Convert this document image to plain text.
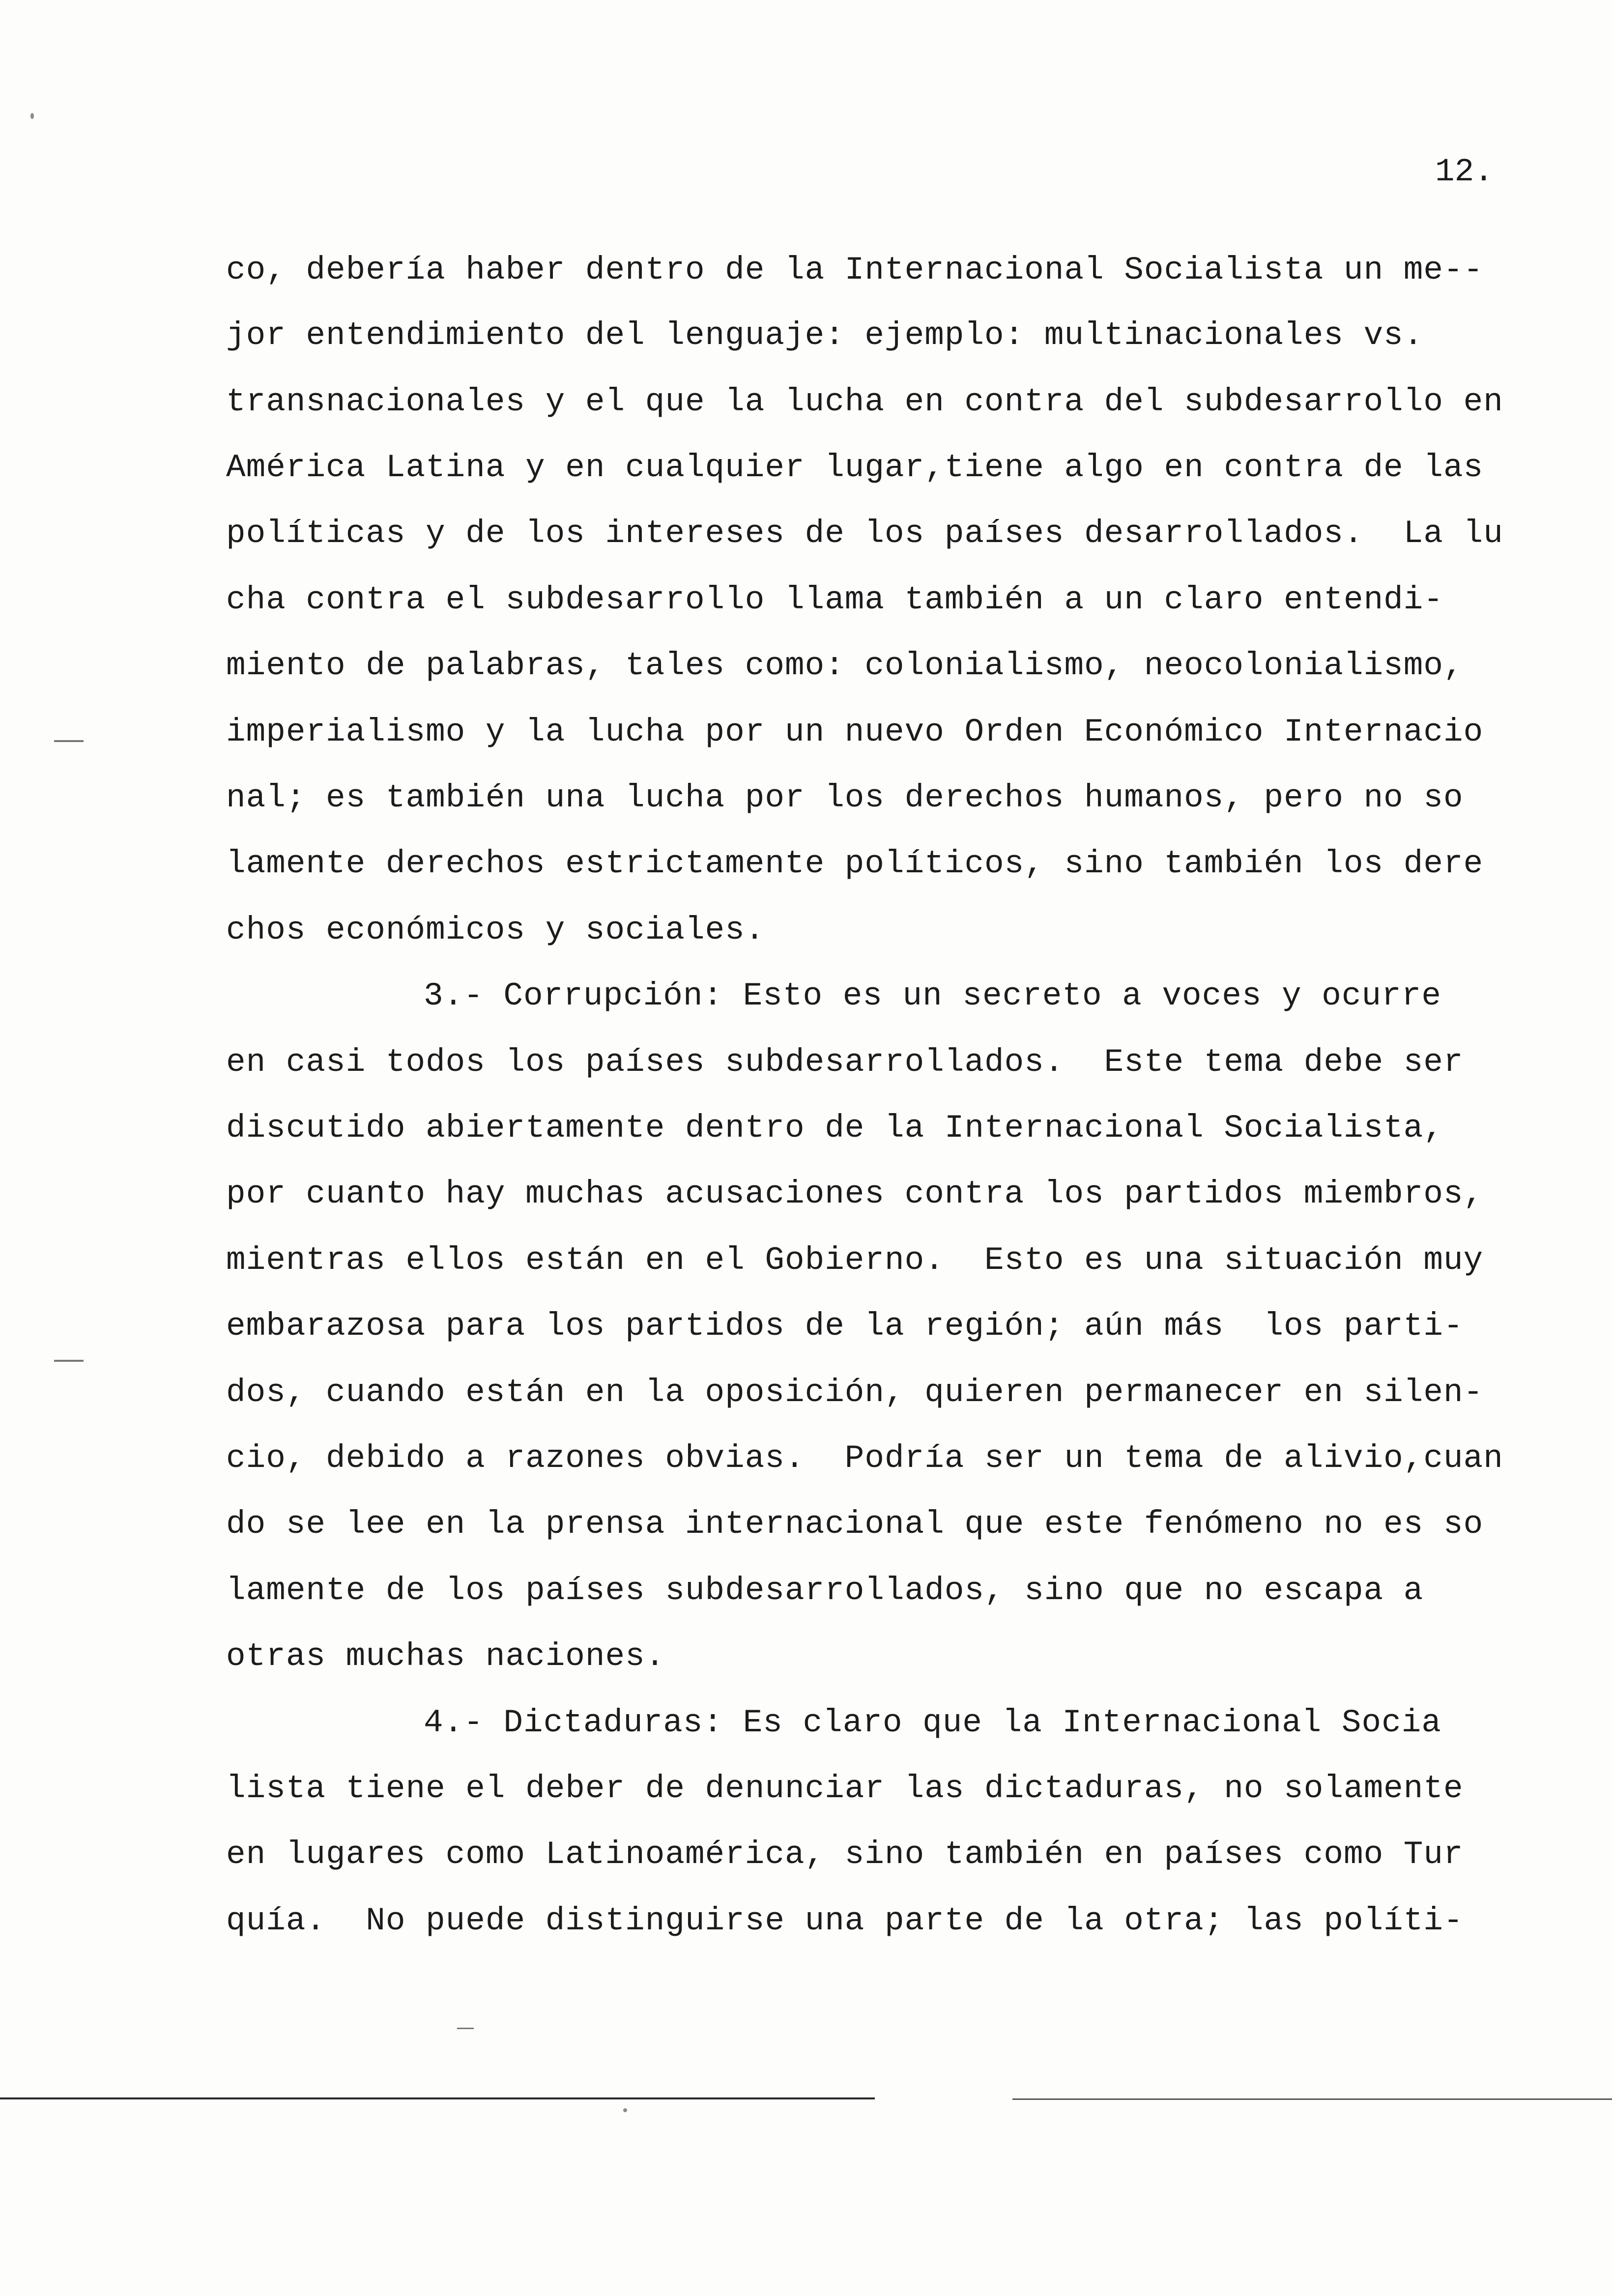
12.
co, debería haber dentro de la Internacional Socialista un me--
jor entendimiento del lenguaje: ejemplo: multinacionales vs.
transnacionales y el que la lucha en contra del subdesarrollo en
América Latina y en cualquier lugar,tiene algo en contra de las
políticas y de los intereses de los países desarrollados.  La lu
cha contra el subdesarrollo llama también a un claro entendi-
miento de palabras, tales como: colonialismo, neocolonialismo,
imperialismo y la lucha por un nuevo Orden Económico Internacio
nal; es también una lucha por los derechos humanos, pero no so
lamente derechos estrictamente políticos, sino también los dere
chos económicos y sociales.
3.- Corrupción: Esto es un secreto a voces y ocurre
en casi todos los países subdesarrollados.  Este tema debe ser
discutido abiertamente dentro de la Internacional Socialista,
por cuanto hay muchas acusaciones contra los partidos miembros,
mientras ellos están en el Gobierno.  Esto es una situación muy
embarazosa para los partidos de la región; aún más  los parti-
dos, cuando están en la oposición, quieren permanecer en silen-
cio, debido a razones obvias.  Podría ser un tema de alivio,cuan
do se lee en la prensa internacional que este fenómeno no es so
lamente de los países subdesarrollados, sino que no escapa a
otras muchas naciones.
4.- Dictaduras: Es claro que la Internacional Socia
lista tiene el deber de denunciar las dictaduras, no solamente
en lugares como Latinoamérica, sino también en países como Tur
quía.  No puede distinguirse una parte de la otra; las políti-
